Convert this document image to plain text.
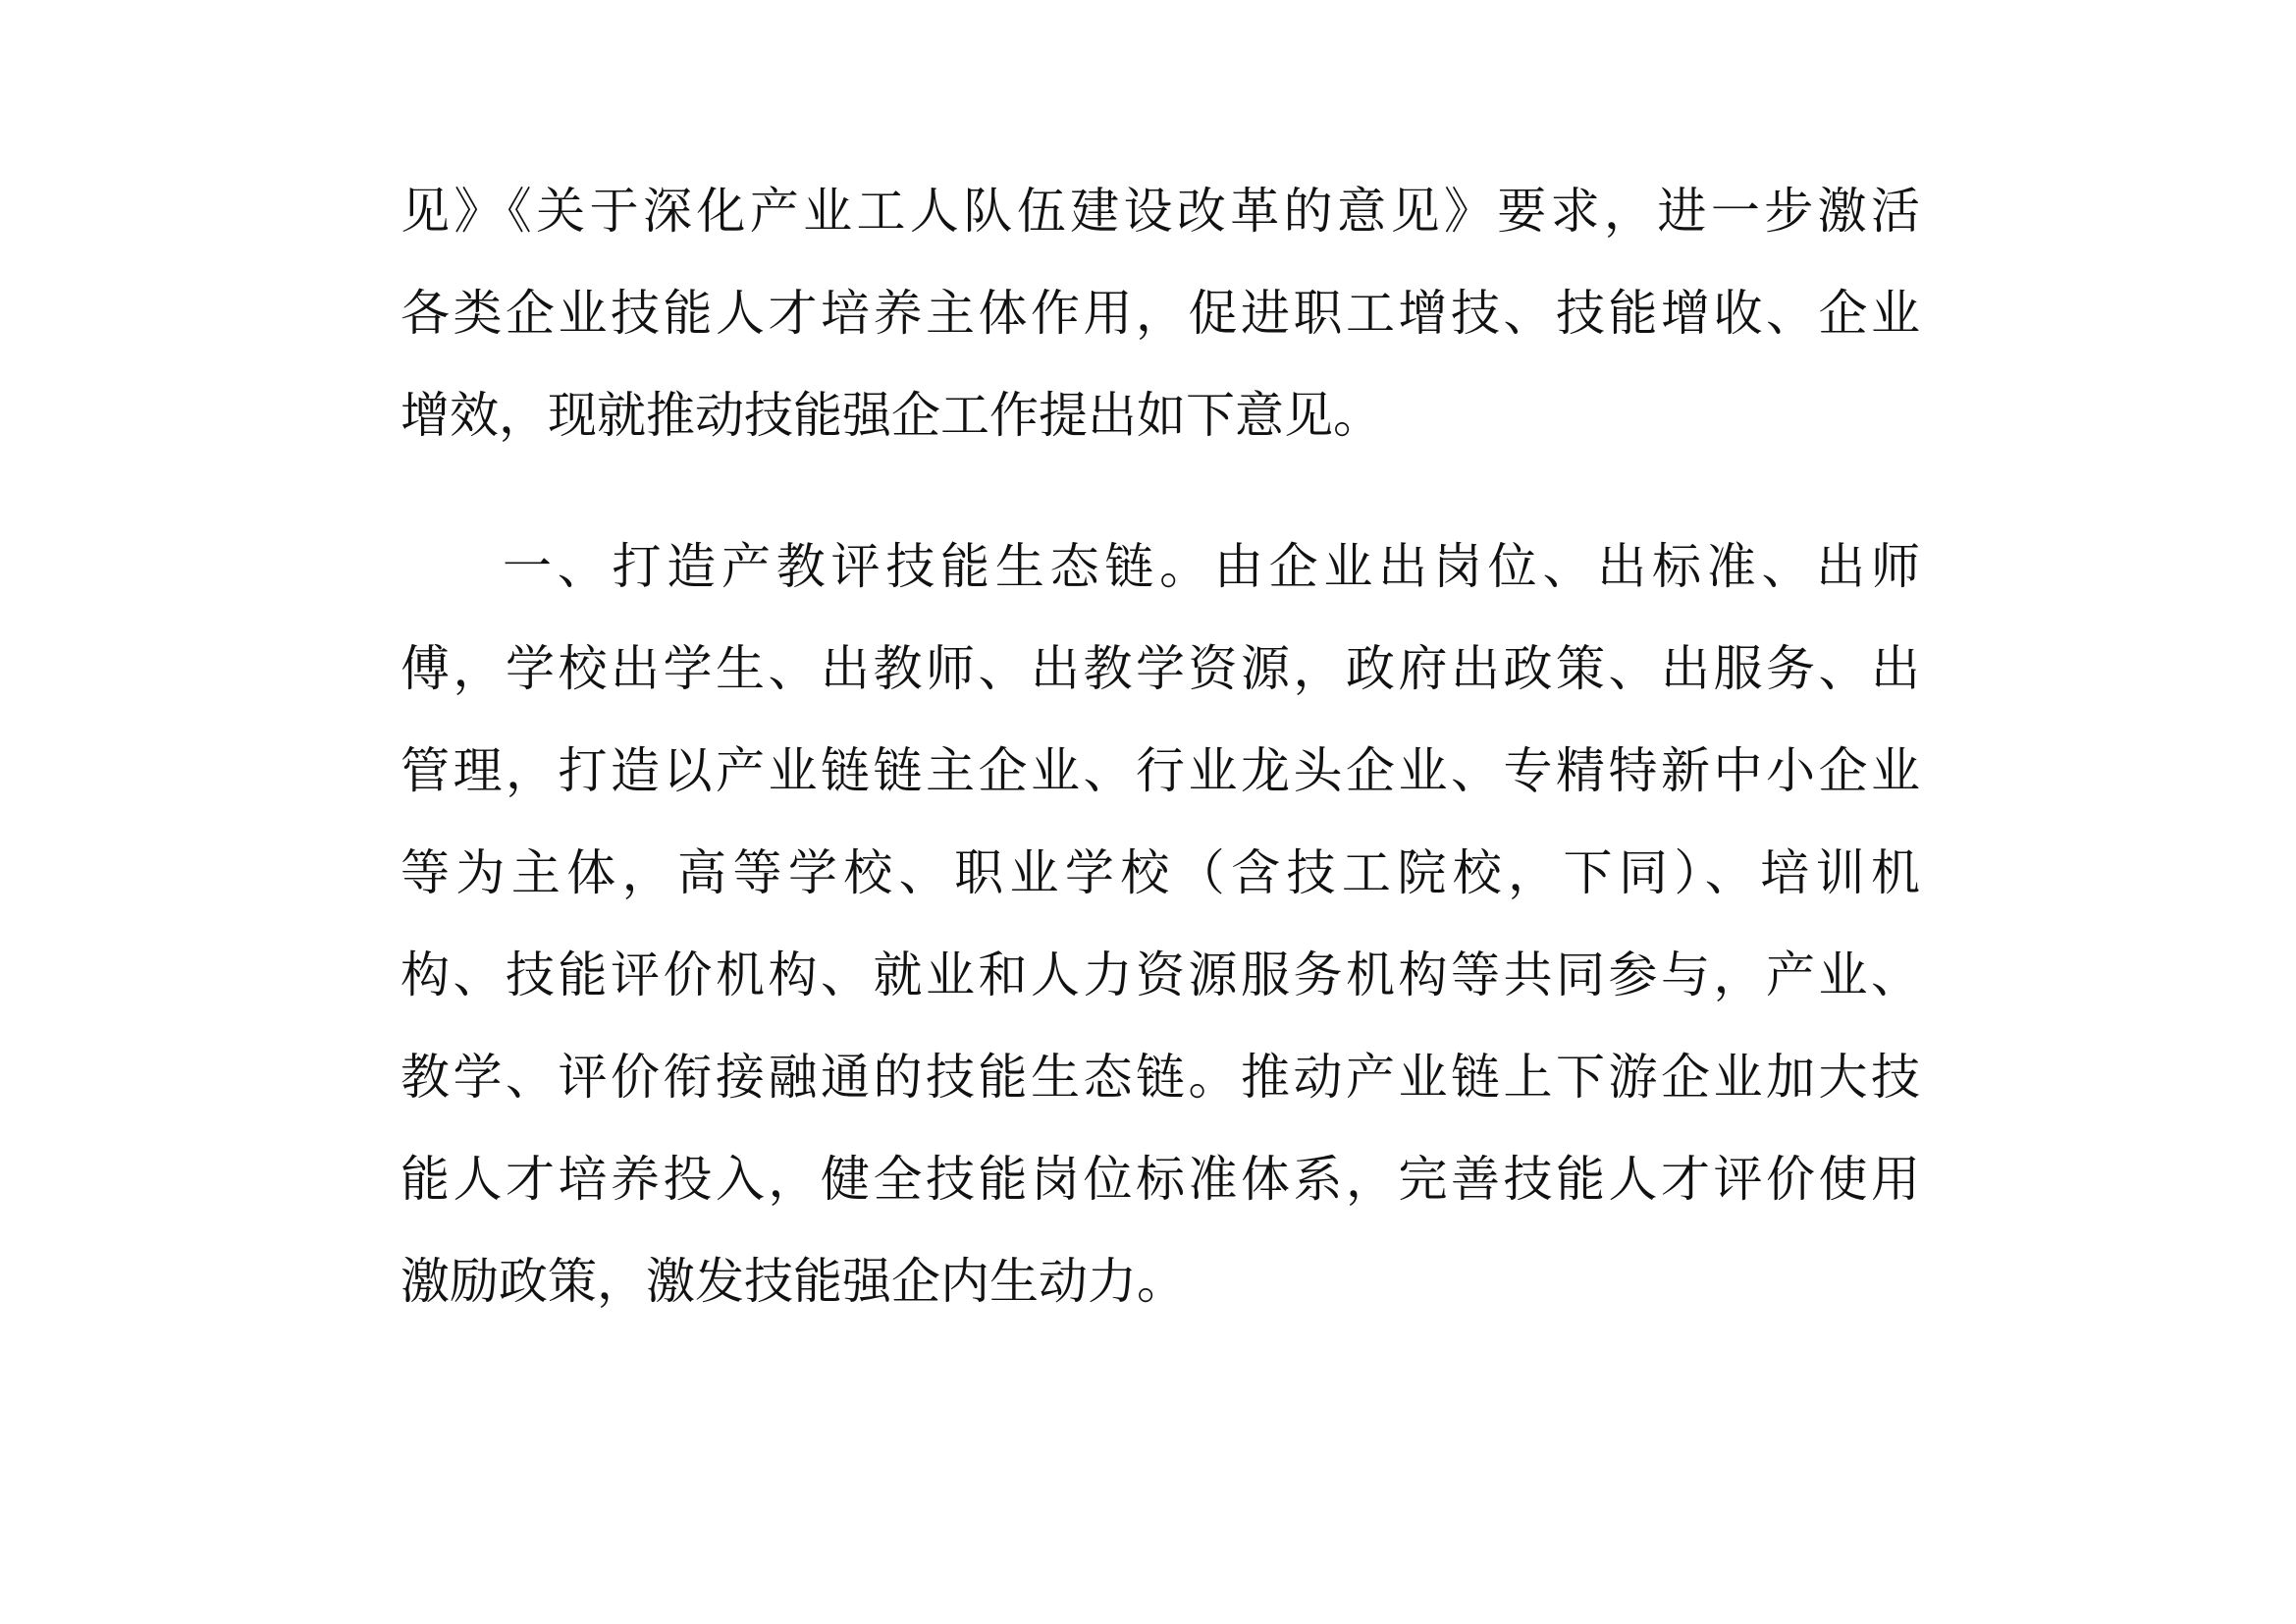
见》《关于深化产业工人队伍建设改革的意见》要求，进一步激活
各类企业技能人才培养主体作用，促进职工增技、技能增收、企业
增效，现就推动技能强企工作提出如下意见。
一、打造产教评技能生态链。由企业出岗位、出标准、出师
傅，学校出学生、出教师、出教学资源，政府出政策、出服务、出
管理，打造以产业链链主企业、行业龙头企业、专精特新中小企业
等为主体，高等学校、职业学校（含技工院校，下同）、培训机
构、技能评价机构、就业和人力资源服务机构等共同参与，产业、
教学、评价衔接融通的技能生态链。推动产业链上下游企业加大技
能人才培养投入，健全技能岗位标准体系，完善技能人才评价使用
激励政策，激发技能强企内生动力。
